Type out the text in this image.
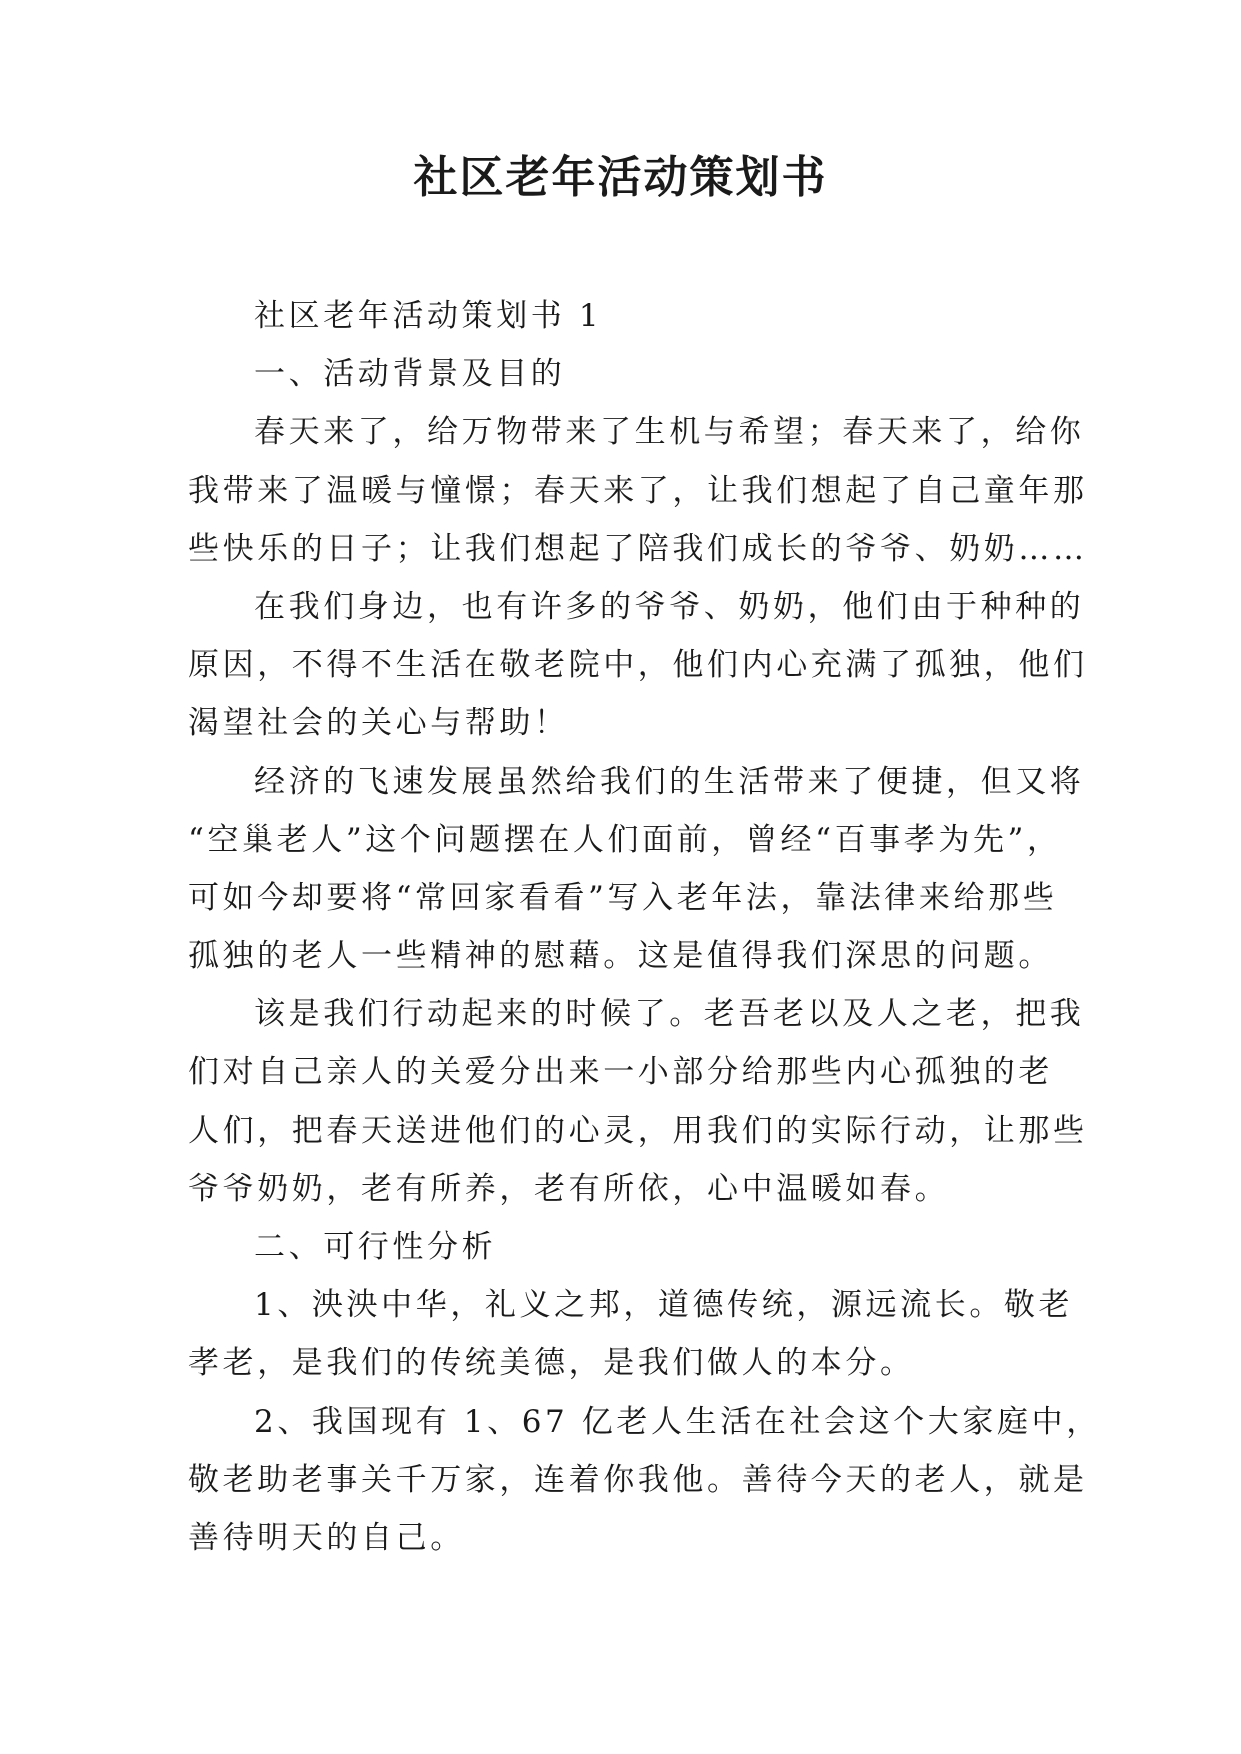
社区老年活动策划书
社区老年活动策划书 1
一、活动背景及目的
春天来了，给万物带来了生机与希望；春天来了，给你
我带来了温暖与憧憬；春天来了，让我们想起了自己童年那
些快乐的日子；让我们想起了陪我们成长的爷爷、奶奶……
在我们身边，也有许多的爷爷、奶奶，他们由于种种的
原因，不得不生活在敬老院中，他们内心充满了孤独，他们
渴望社会的关心与帮助！
经济的飞速发展虽然给我们的生活带来了便捷，但又将
“空巢老人”这个问题摆在人们面前，曾经“百事孝为先”，
可如今却要将“常回家看看”写入老年法，靠法律来给那些
孤独的老人一些精神的慰藉。这是值得我们深思的问题。
该是我们行动起来的时候了。老吾老以及人之老，把我
们对自己亲人的关爱分出来一小部分给那些内心孤独的老
人们，把春天送进他们的心灵，用我们的实际行动，让那些
爷爷奶奶，老有所养，老有所依，心中温暖如春。
二、可行性分析
1、泱泱中华，礼义之邦，道德传统，源远流长。敬老
孝老，是我们的传统美德，是我们做人的本分。
2、我国现有 1、67 亿老人生活在社会这个大家庭中，
敬老助老事关千万家，连着你我他。善待今天的老人，就是
善待明天的自己。
